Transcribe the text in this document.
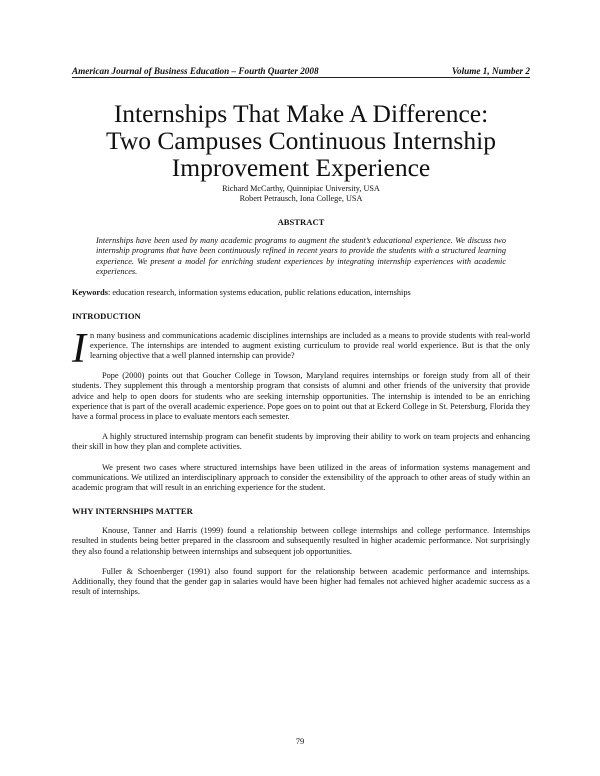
American Journal of Business Education – Fourth Quarter 2008	Volume 1, Number 2
Internships That Make A Difference:
Two Campuses Continuous Internship
Improvement Experience
Richard McCarthy, Quinnipiac University, USA
Robert Petrausch, Iona College, USA
ABSTRACT
Internships have been used by many academic programs to augment the student’s educational experience. We discuss two internship programs that have been continuously refined in recent years to provide the students with a structured learning experience. We present a model for enriching student experiences by integrating internship experiences with academic experiences.
Keywords: education research, information systems education, public relations education, internships
INTRODUCTION
In many business and communications academic disciplines internships are included as a means to provide students with real-world experience. The internships are intended to augment existing curriculum to provide real world experience. But is that the only learning objective that a well planned internship can provide?
Pope (2000) points out that Goucher College in Towson, Maryland requires internships or foreign study from all of their students. They supplement this through a mentorship program that consists of alumni and other friends of the university that provide advice and help to open doors for students who are seeking internship opportunities. The internship is intended to be an enriching experience that is part of the overall academic experience. Pope goes on to point out that at Eckerd College in St. Petersburg, Florida they have a formal process in place to evaluate mentors each semester.
A highly structured internship program can benefit students by improving their ability to work on team projects and enhancing their skill in how they plan and complete activities.
We present two cases where structured internships have been utilized in the areas of information systems management and communications. We utilized an interdisciplinary approach to consider the extensibility of the approach to other areas of study within an academic program that will result in an enriching experience for the student.
WHY INTERNSHIPS MATTER
Knouse, Tanner and Harris (1999) found a relationship between college internships and college performance. Internships resulted in students being better prepared in the classroom and subsequently resulted in higher academic performance. Not surprisingly they also found a relationship between internships and subsequent job opportunities.
Fuller & Schoenberger (1991) also found support for the relationship between academic performance and internships. Additionally, they found that the gender gap in salaries would have been higher had females not achieved higher academic success as a result of internships.
79
